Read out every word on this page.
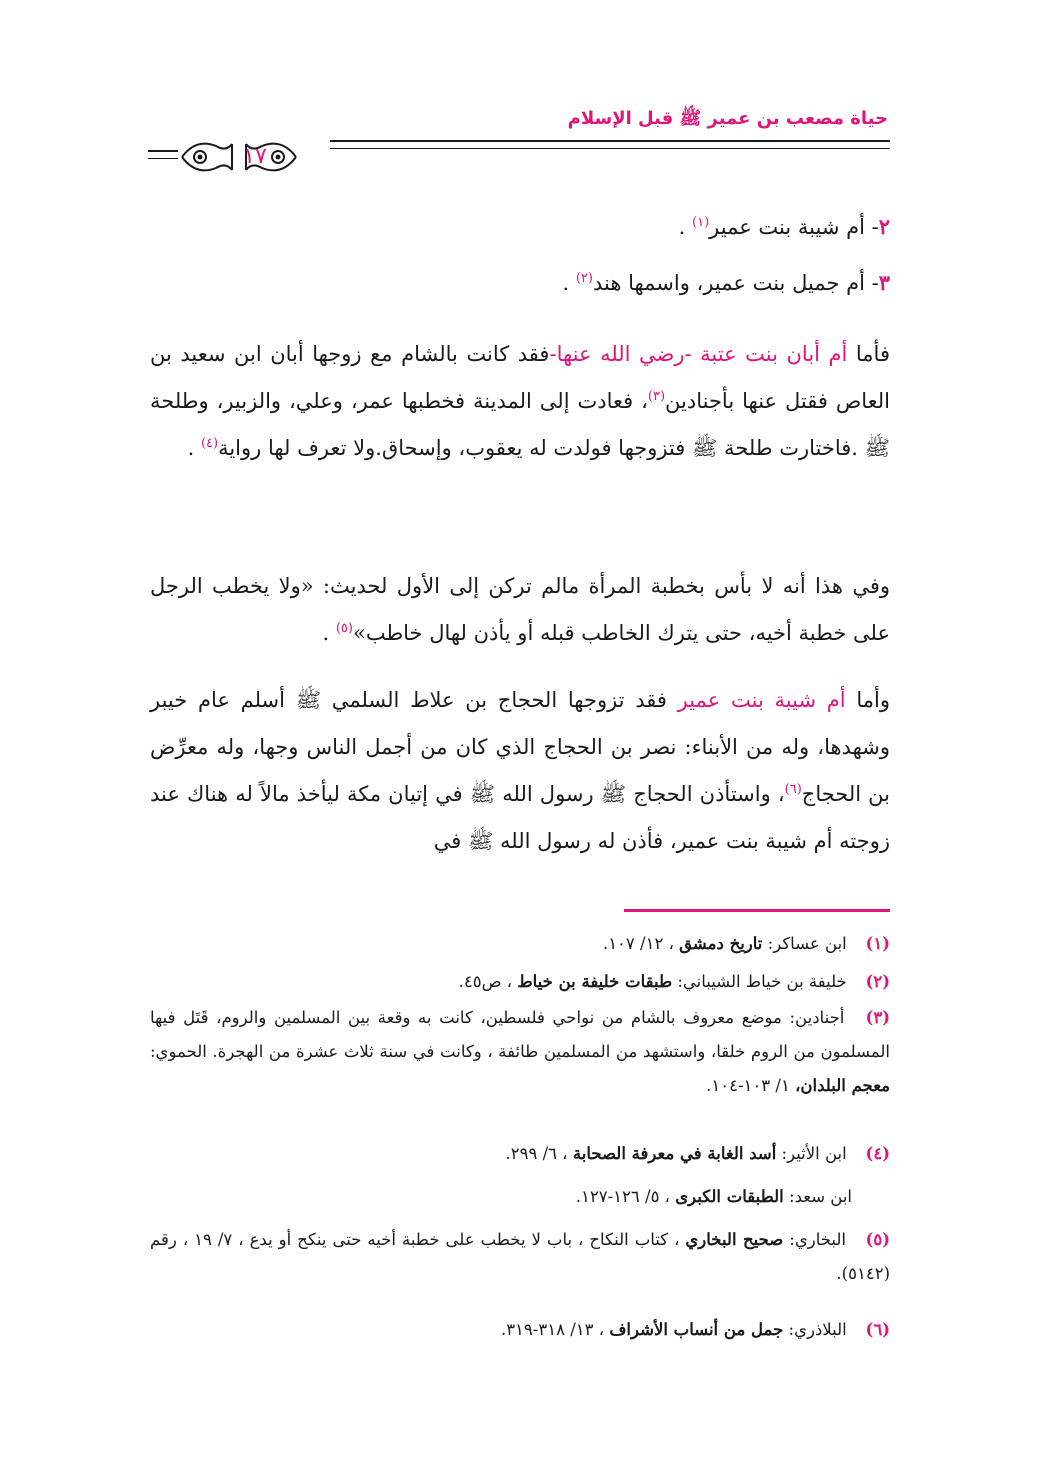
حياة مصعب بن عمير ﷺ قبل الإسلام
١٧
٢- أم شيبة بنت عمير$^{(١)}$ .
٣- أم جميل بنت عمير، واسمها هند$^{(٢)}$ .
فأما أم أبان بنت عتبة -رضي الله عنها-فقد كانت بالشام مع زوجها أبان ابن سعيد بن العاص فقتل عنها بأجنادين$^{(٣)}$، فعادت إلى المدينة فخطبها عمر، وعلي، والزبير، وطلحة ﷺ .فاختارت طلحة ﷺ فتزوجها فولدت له يعقوب، وإسحاق.ولا تعرف لها رواية$^{(٤)}$ .
وفي هذا أنه لا بأس بخطبة المرأة مالم تركن إلى الأول لحديث: «ولا يخطب الرجل على خطبة أخيه، حتى يترك الخاطب قبله أو يأذن لهال خاطب»$^{(٥)}$ .
وأما أم شيبة بنت عمير فقد تزوجها الحجاج بن علاط السلمي ﷺ أسلم عام خيبر وشهدها، وله من الأبناء: نصر بن الحجاج الذي كان من أجمل الناس وجها، وله معرِّض بن الحجاج$^{(٦)}$، واستأذن الحجاج ﷺ رسول الله ﷺ في إتيان مكة ليأخذ مالاً له هناك عند زوجته أم شيبة بنت عمير، فأذن له رسول الله ﷺ في
(١) ابن عساكر: تاريخ دمشق ، ١٢/ ١٠٧.
(٢) خليفة بن خياط الشيباني: طبقات خليفة بن خياط ، ص٤٥.
(٣) أجنادين: موضع معروف بالشام من نواحي فلسطين، كانت به وقعة بين المسلمين والروم، قَتَل فيها المسلمون من الروم خلقا، واستشهد من المسلمين طائفة ، وكانت في سنة ثلاث عشرة من الهجرة. الحموي: معجم البلدان، ١/ ١٠٣-١٠٤.
(٤) ابن الأثير: أسد الغابة في معرفة الصحابة ، ٦/ ٢٩٩.
ابن سعد: الطبقات الكبرى ، ٥/ ١٢٦-١٢٧.
(٥) البخاري: صحيح البخاري ، كتاب النكاح ، باب لا يخطب على خطبة أخيه حتى ينكح أو يدع ، ٧/ ١٩ ، رقم (٥١٤٢).
(٦) البلاذري: جمل من أنساب الأشراف ، ١٣/ ٣١٨-٣١٩.
